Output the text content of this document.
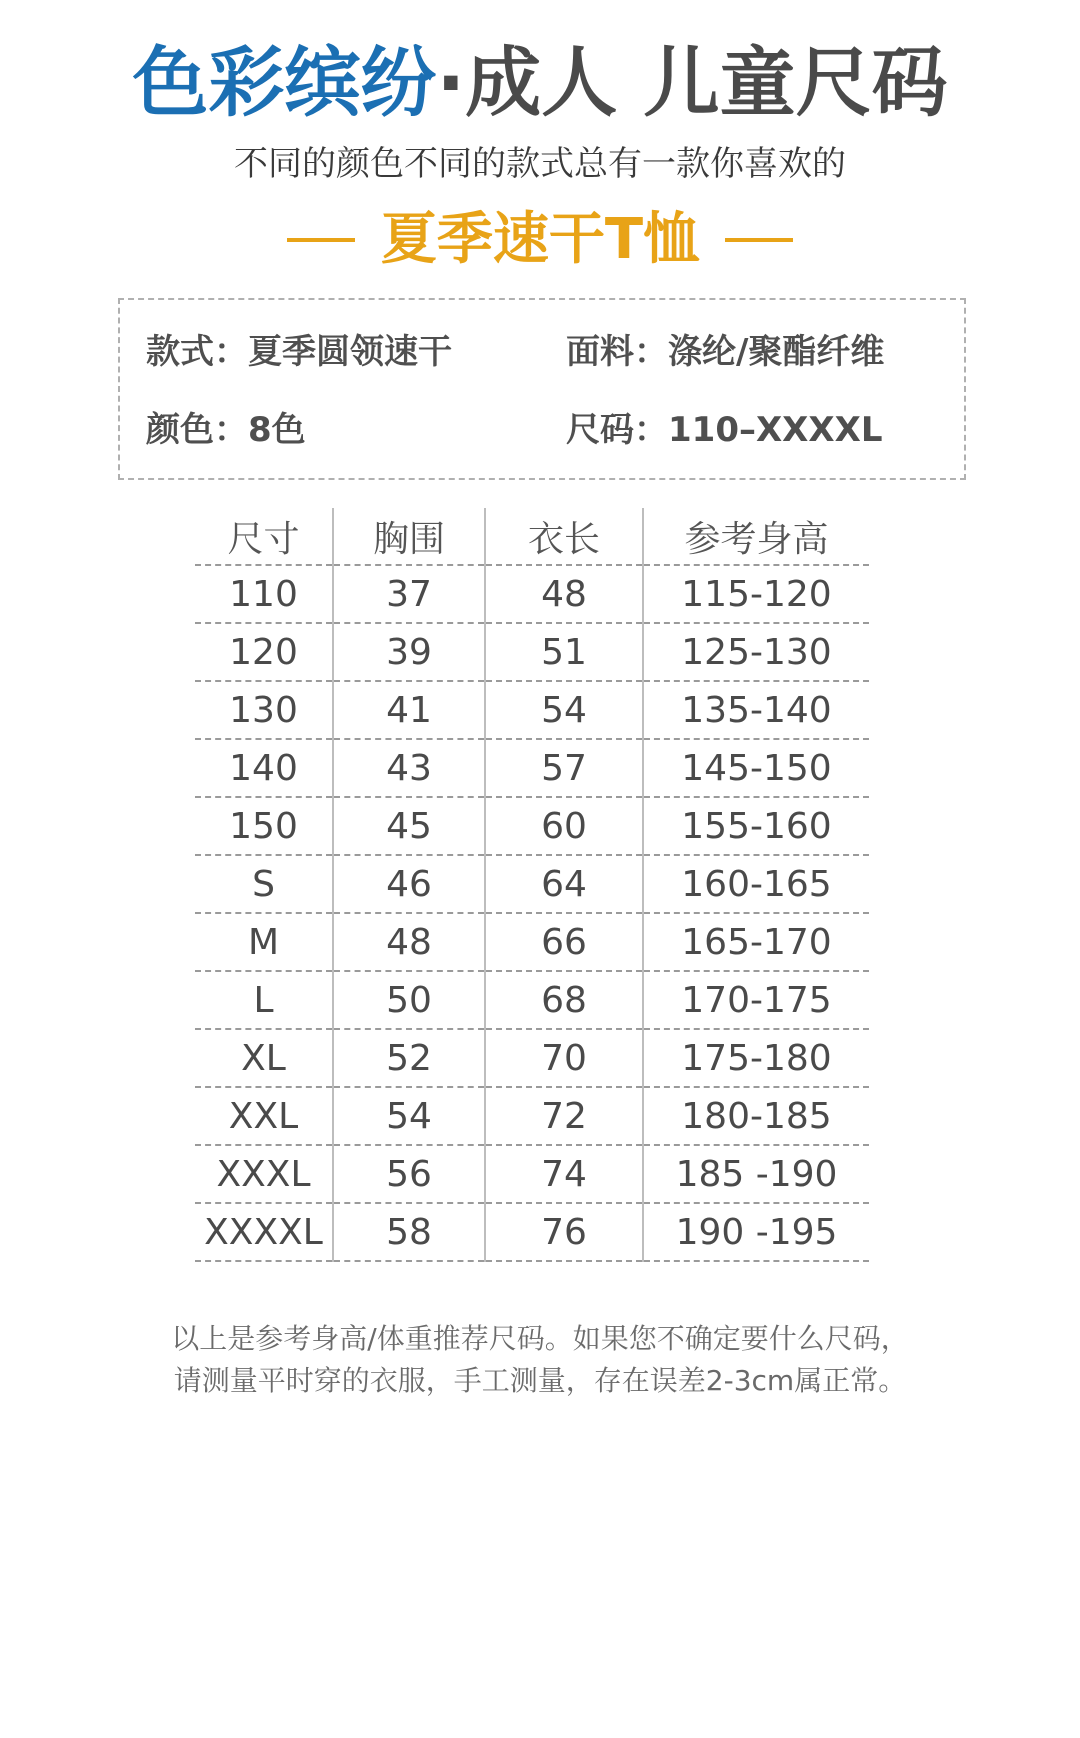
色彩缤纷·成人 儿童尺码
不同的颜色不同的款式总有一款你喜欢的
夏季速干T恤
款式：夏季圆领速干	面料：涤纶/聚酯纤维
颜色：8色	尺码：110–XXXXL
尺寸	胸围	衣长	参考身高
110	37	48	115-120
120	39	51	125-130
130	41	54	135-140
140	43	57	145-150
150	45	60	155-160
S	46	64	160-165
M	48	66	165-170
L	50	68	170-175
XL	52	70	175-180
XXL	54	72	180-185
XXXL	56	74	185 -190
XXXXL	58	76	190 -195
以上是参考身高/体重推荐尺码。如果您不确定要什么尺码，
请测量平时穿的衣服，手工测量，存在误差2-3cm属正常。
